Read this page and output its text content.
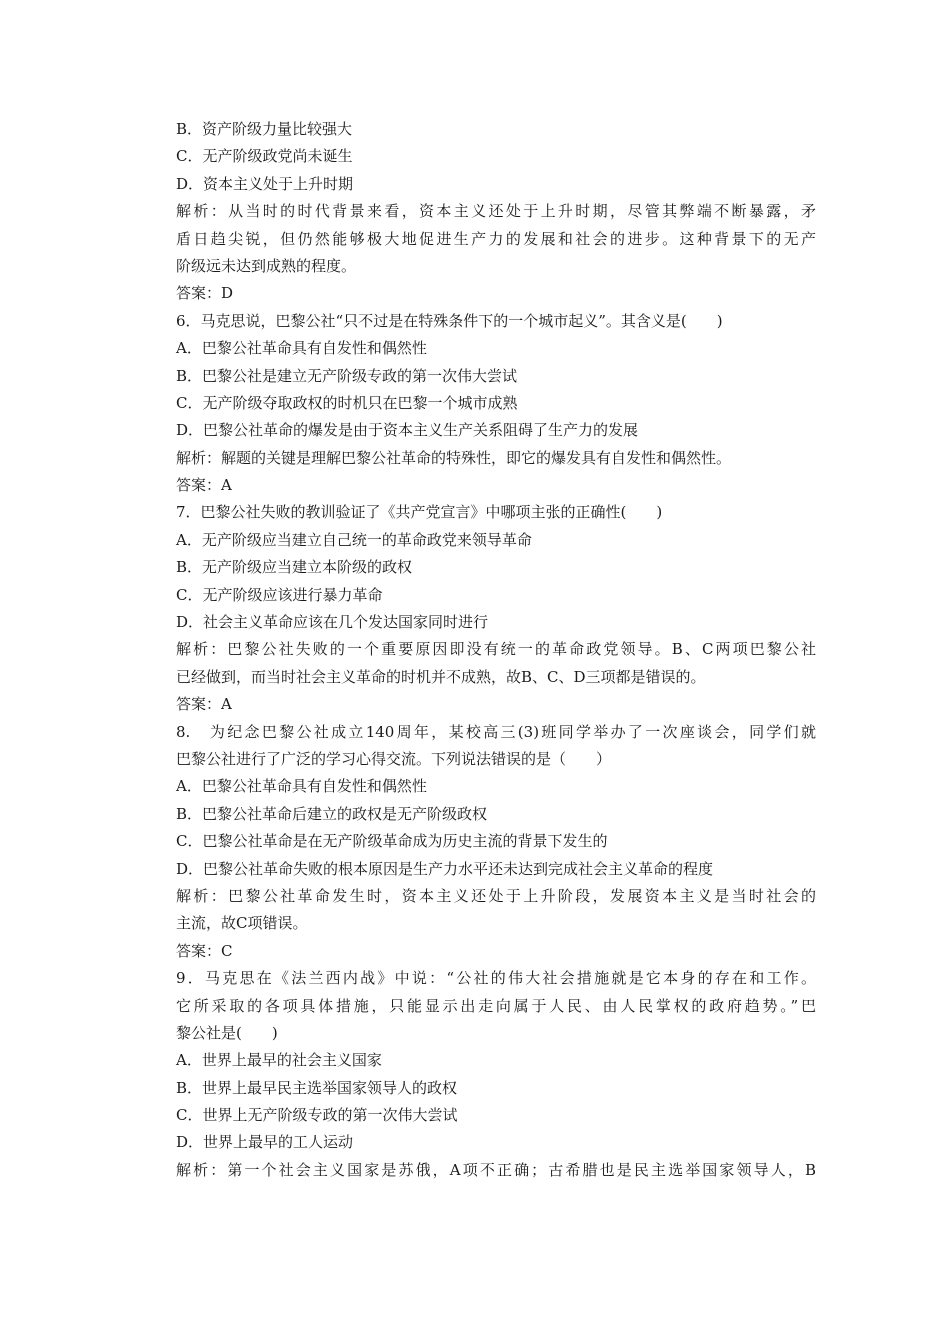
B．资产阶级力量比较强大
C．无产阶级政党尚未诞生
D．资本主义处于上升时期
解析：从当时的时代背景来看，资本主义还处于上升时期，尽管其弊端不断暴露，矛
盾日趋尖锐，但仍然能够极大地促进生产力的发展和社会的进步。这种背景下的无产
阶级远未达到成熟的程度。
答案：D
6．马克思说，巴黎公社“只不过是在特殊条件下的一个城市起义”。其含义是(　　)
A．巴黎公社革命具有自发性和偶然性
B．巴黎公社是建立无产阶级专政的第一次伟大尝试
C．无产阶级夺取政权的时机只在巴黎一个城市成熟
D．巴黎公社革命的爆发是由于资本主义生产关系阻碍了生产力的发展
解析：解题的关键是理解巴黎公社革命的特殊性，即它的爆发具有自发性和偶然性。
答案：A
7．巴黎公社失败的教训验证了《共产党宣言》中哪项主张的正确性(　　)
A．无产阶级应当建立自己统一的革命政党来领导革命
B．无产阶级应当建立本阶级的政权
C．无产阶级应该进行暴力革命
D．社会主义革命应该在几个发达国家同时进行
解析：巴黎公社失败的一个重要原因即没有统一的革命政党领导。B、C两项巴黎公社
已经做到，而当时社会主义革命的时机并不成熟，故B、C、D三项都是错误的。
答案：A
8.　为纪念巴黎公社成立140周年，某校高三(3)班同学举办了一次座谈会，同学们就
巴黎公社进行了广泛的学习心得交流。下列说法错误的是（　　）
A．巴黎公社革命具有自发性和偶然性
B．巴黎公社革命后建立的政权是无产阶级政权
C．巴黎公社革命是在无产阶级革命成为历史主流的背景下发生的
D．巴黎公社革命失败的根本原因是生产力水平还未达到完成社会主义革命的程度
解析：巴黎公社革命发生时，资本主义还处于上升阶段，发展资本主义是当时社会的
主流，故C项错误。
答案：C
9．马克思在《法兰西内战》中说：“公社的伟大社会措施就是它本身的存在和工作。
它所采取的各项具体措施，只能显示出走向属于人民、由人民掌权的政府趋势。”巴
黎公社是(　　)
A．世界上最早的社会主义国家
B．世界上最早民主选举国家领导人的政权
C．世界上无产阶级专政的第一次伟大尝试
D．世界上最早的工人运动
解析：第一个社会主义国家是苏俄，A项不正确；古希腊也是民主选举国家领导人，B
